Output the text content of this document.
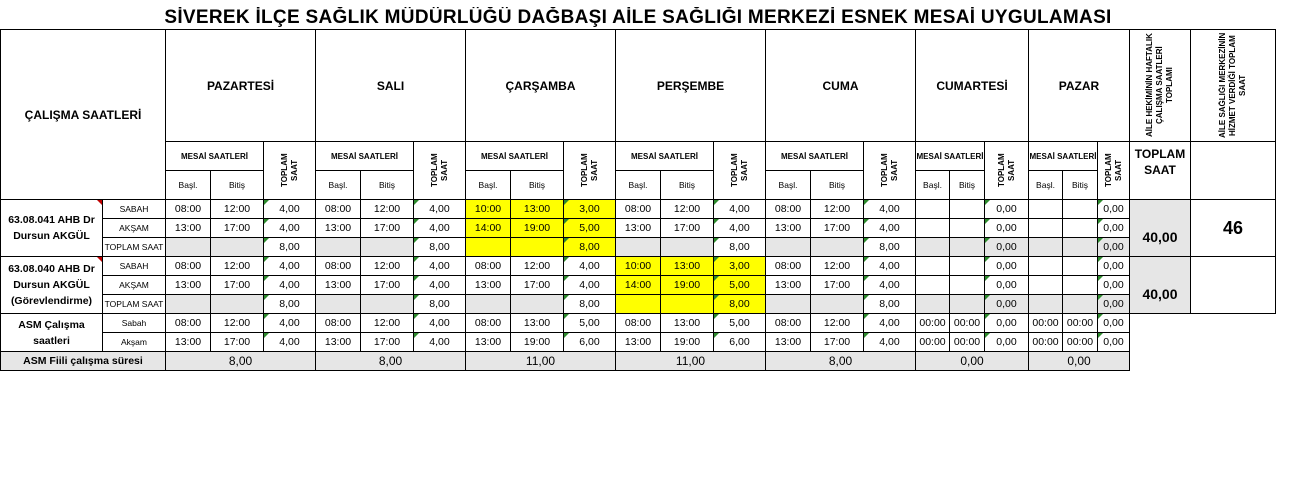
SİVEREK İLÇE SAĞLIK MÜDÜRLÜĞÜ DAĞBAŞI AİLE SAĞLIĞI MERKEZİ ESNEK MESAİ UYGULAMASI																								
ÇALIŞMA SAATLERİ		PAZARTESİ			SALI			ÇARŞAMBA			PERŞEMBE			CUMA			CUMARTESİ			PAZAR			AİLE HEKİMİNİN HAFTALIK ÇALIŞMA SAATLERİ TOPLAMI	AİLE SAĞLIĞI MERKEZİNİN HİZMET VERDİĞİ TOPLAM SAAT

		MESAİ SAATLERİ		TOPLAM SAAT	MESAİ SAATLERİ		TOPLAM SAAT	MESAİ SAATLERİ		TOPLAM SAAT	MESAİ SAATLERİ		TOPLAM SAAT	MESAİ SAATLERİ		TOPLAM SAAT	MESAİ SAATLERİ		TOPLAM SAAT	MESAİ SAATLERİ		TOPLAM SAAT	TOPLAM SAAT	
		Başl.	Bitiş		Başl.	Bitiş		Başl.	Bitiş		Başl.	Bitiş		Başl.	Bitiş		Başl.	Bitiş		Başl.	Bitiş			
63.08.041 AHB Dr Dursun AKGÜL	SABAH	08:00	12:00	4,00	08:00	12:00	4,00	10:00	13:00	3,00	08:00	12:00	4,00	08:00	12:00	4,00			0,00			0,00		46
	AKŞAM	13:00	17:00	4,00	13:00	17:00	4,00	14:00	19:00	5,00	13:00	17:00	4,00	13:00	17:00	4,00			0,00			0,00	40,00	
	TOPLAM SAAT			8,00			8,00			8,00			8,00			8,00			0,00			0,00		

63.08.040 AHB Dr Dursun AKGÜL (Görevlendirme)	SABAH	08:00	12:00	4,00	08:00	12:00	4,00	08:00	12:00	4,00	10:00	13:00	3,00	08:00	12:00	4,00			0,00			0,00

	AKŞAM	13:00	17:00	4,00	13:00	17:00	4,00	13:00	17:00	4,00	14:00	19:00	5,00	13:00	17:00	4,00			0,00			0,00	40,00	
	TOPLAM SAAT			8,00			8,00			8,00			8,00			8,00			0,00			0,00		

ASM Çalışma saatleri	Sabah	08:00	12:00	4,00	08:00	12:00	4,00	08:00	13:00	5,00	08:00	13:00	5,00	08:00	12:00	4,00	00:00	00:00	0,00	00:00	00:00	0,00	

	Akşam	13:00	17:00	4,00	13:00	17:00	4,00	13:00	19:00	6,00	13:00	19:00	6,00	13:00	17:00	4,00	00:00	00:00	0,00	00:00	00:00	0,00		

ASM Fiili çalışma süresi		8,00			8,00			11,00			11,00			8,00			0,00			0,00				
